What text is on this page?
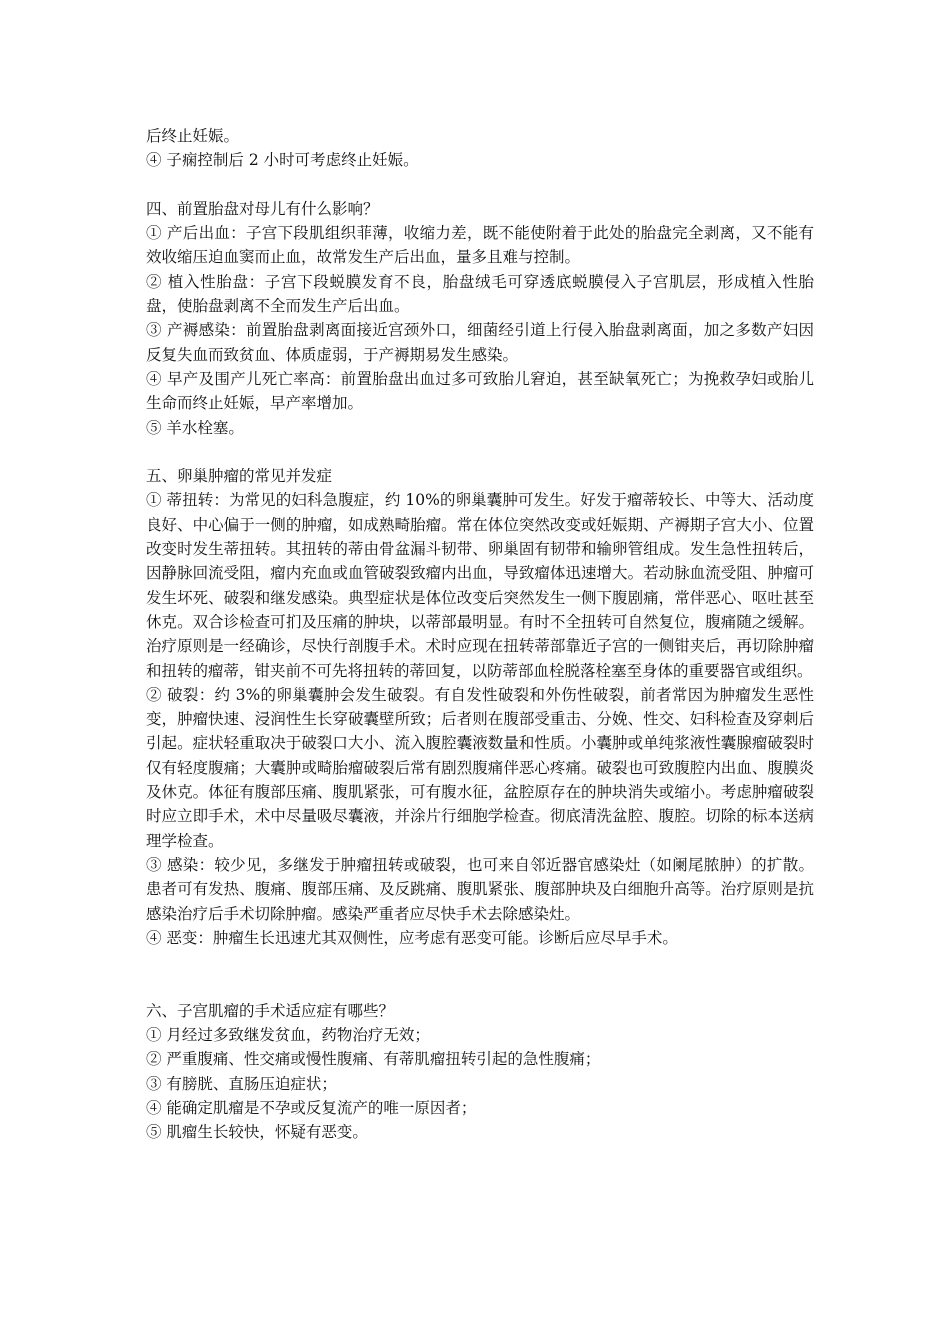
后终止妊娠。

④ 子痫控制后 2 小时可考虑终止妊娠。

四、前置胎盘对母儿有什么影响？

① 产后出血：子宫下段肌组织菲薄，收缩力差，既不能使附着于此处的胎盘完全剥离，又不能有效收缩压迫血窦而止血，故常发生产后出血，量多且难与控制。

② 植入性胎盘：子宫下段蜕膜发育不良，胎盘绒毛可穿透底蜕膜侵入子宫肌层，形成植入性胎盘，使胎盘剥离不全而发生产后出血。

③ 产褥感染：前置胎盘剥离面接近宫颈外口，细菌经引道上行侵入胎盘剥离面，加之多数产妇因反复失血而致贫血、体质虚弱，于产褥期易发生感染。

④ 早产及围产儿死亡率高：前置胎盘出血过多可致胎儿窘迫，甚至缺氧死亡；为挽救孕妇或胎儿生命而终止妊娠，早产率增加。

⑤ 羊水栓塞。

五、卵巢肿瘤的常见并发症

① 蒂扭转：为常见的妇科急腹症，约 10%的卵巢囊肿可发生。好发于瘤蒂较长、中等大、活动度良好、中心偏于一侧的肿瘤，如成熟畸胎瘤。常在体位突然改变或妊娠期、产褥期子宫大小、位置改变时发生蒂扭转。其扭转的蒂由骨盆漏斗韧带、卵巢固有韧带和输卵管组成。发生急性扭转后，因静脉回流受阻，瘤内充血或血管破裂致瘤内出血，导致瘤体迅速增大。若动脉血流受阻、肿瘤可发生坏死、破裂和继发感染。典型症状是体位改变后突然发生一侧下腹剧痛，常伴恶心、呕吐甚至休克。双合诊检查可扪及压痛的肿块，以蒂部最明显。有时不全扭转可自然复位，腹痛随之缓解。治疗原则是一经确诊，尽快行剖腹手术。术时应现在扭转蒂部靠近子宫的一侧钳夹后，再切除肿瘤和扭转的瘤蒂，钳夹前不可先将扭转的蒂回复，以防蒂部血栓脱落栓塞至身体的重要器官或组织。

② 破裂：约 3%的卵巢囊肿会发生破裂。有自发性破裂和外伤性破裂，前者常因为肿瘤发生恶性变，肿瘤快速、浸润性生长穿破囊壁所致；后者则在腹部受重击、分娩、性交、妇科检查及穿刺后引起。症状轻重取决于破裂口大小、流入腹腔囊液数量和性质。小囊肿或单纯浆液性囊腺瘤破裂时仅有轻度腹痛；大囊肿或畸胎瘤破裂后常有剧烈腹痛伴恶心疼痛。破裂也可致腹腔内出血、腹膜炎及休克。体征有腹部压痛、腹肌紧张，可有腹水征，盆腔原存在的肿块消失或缩小。考虑肿瘤破裂时应立即手术，术中尽量吸尽囊液，并涂片行细胞学检查。彻底清洗盆腔、腹腔。切除的标本送病理学检查。

③ 感染：较少见，多继发于肿瘤扭转或破裂，也可来自邻近器官感染灶（如阑尾脓肿）的扩散。患者可有发热、腹痛、腹部压痛、及反跳痛、腹肌紧张、腹部肿块及白细胞升高等。治疗原则是抗感染治疗后手术切除肿瘤。感染严重者应尽快手术去除感染灶。

④ 恶变：肿瘤生长迅速尤其双侧性，应考虑有恶变可能。诊断后应尽早手术。

六、子宫肌瘤的手术适应症有哪些？

① 月经过多致继发贫血，药物治疗无效；

② 严重腹痛、性交痛或慢性腹痛、有蒂肌瘤扭转引起的急性腹痛；

③ 有膀胱、直肠压迫症状；

④ 能确定肌瘤是不孕或反复流产的唯一原因者；

⑤ 肌瘤生长较快，怀疑有恶变。
